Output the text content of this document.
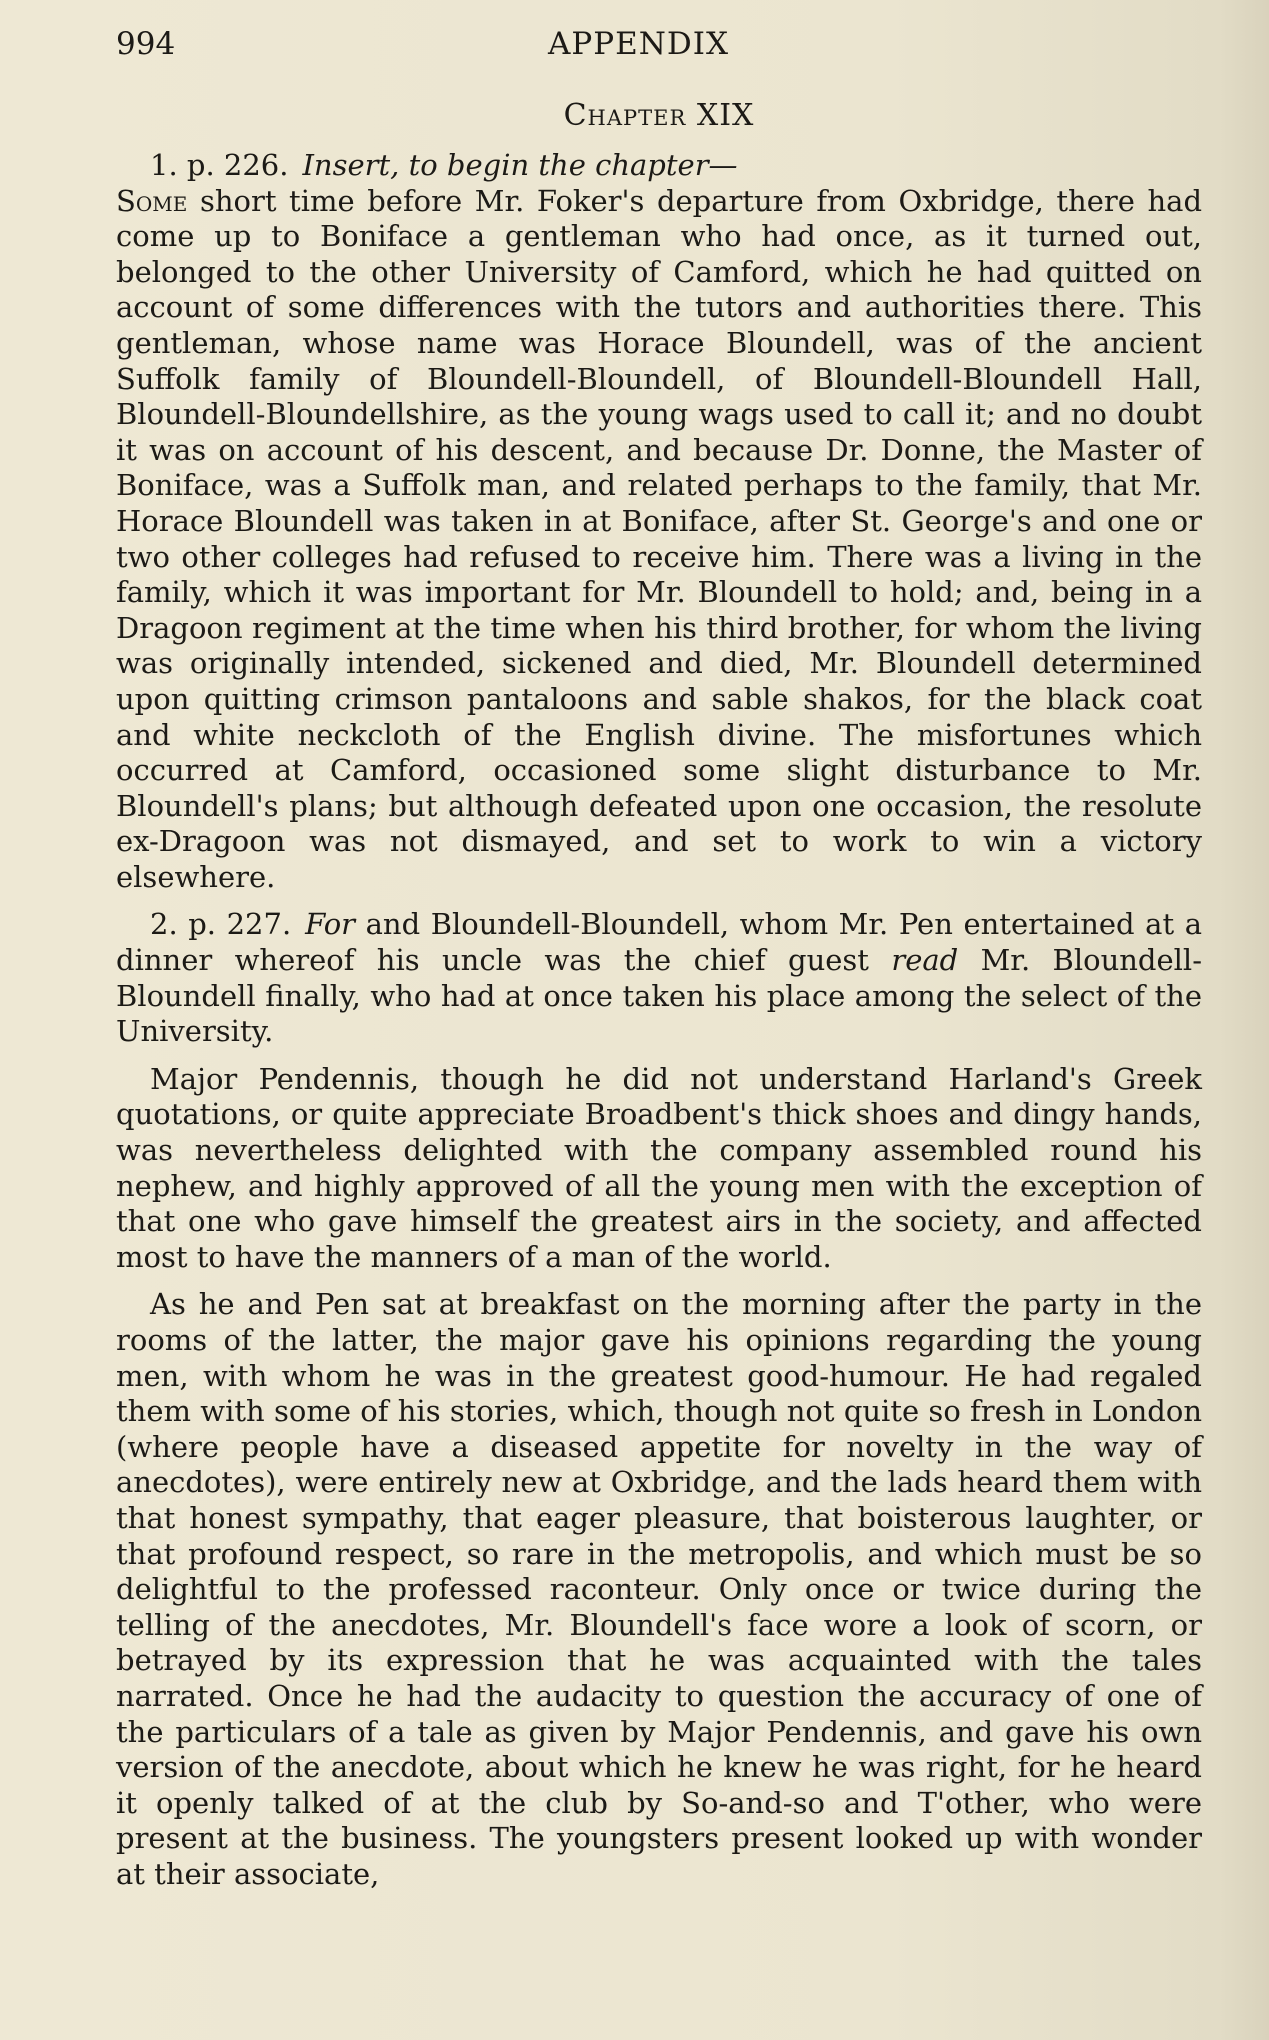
994	APPENDIX
Chapter XIX

1. p. 226. Insert, to begin the chapter—

Some short time before Mr. Foker's departure from Oxbridge, there had come up to Boniface a gentleman who had once, as it turned out, belonged to the other University of Camford, which he had quitted on account of some differences with the tutors and authorities there. This gentleman, whose name was Horace Bloundell, was of the ancient Suffolk family of Bloundell-Bloundell, of Bloundell-Bloundell Hall, Bloundell-Bloundellshire, as the young wags used to call it; and no doubt it was on account of his descent, and because Dr. Donne, the Master of Boniface, was a Suffolk man, and related perhaps to the family, that Mr. Horace Bloundell was taken in at Boniface, after St. George's and one or two other colleges had refused to receive him. There was a living in the family, which it was important for Mr. Bloundell to hold; and, being in a Dragoon regiment at the time when his third brother, for whom the living was originally intended, sickened and died, Mr. Bloundell determined upon quitting crimson pantaloons and sable shakos, for the black coat and white neckcloth of the English divine. The misfortunes which occurred at Camford, occasioned some slight disturbance to Mr. Bloundell's plans; but although defeated upon one occasion, the resolute ex-Dragoon was not dismayed, and set to work to win a victory elsewhere.

2. p. 227. For and Bloundell-Bloundell, whom Mr. Pen entertained at a dinner whereof his uncle was the chief guest read Mr. Bloundell-Bloundell finally, who had at once taken his place among the select of the University.

Major Pendennis, though he did not understand Harland's Greek quotations, or quite appreciate Broadbent's thick shoes and dingy hands, was nevertheless delighted with the company assembled round his nephew, and highly approved of all the young men with the exception of that one who gave himself the greatest airs in the society, and affected most to have the manners of a man of the world.

As he and Pen sat at breakfast on the morning after the party in the rooms of the latter, the major gave his opinions regarding the young men, with whom he was in the greatest good-humour. He had regaled them with some of his stories, which, though not quite so fresh in London (where people have a diseased appetite for novelty in the way of anecdotes), were entirely new at Oxbridge, and the lads heard them with that honest sympathy, that eager pleasure, that boisterous laughter, or that profound respect, so rare in the metropolis, and which must be so delightful to the professed raconteur. Only once or twice during the telling of the anecdotes, Mr. Bloundell's face wore a look of scorn, or betrayed by its expression that he was acquainted with the tales narrated. Once he had the audacity to question the accuracy of one of the particulars of a tale as given by Major Pendennis, and gave his own version of the anecdote, about which he knew he was right, for he heard it openly talked of at the club by So-and-so and T'other, who were present at the business. The youngsters present looked up with wonder at their associate,
